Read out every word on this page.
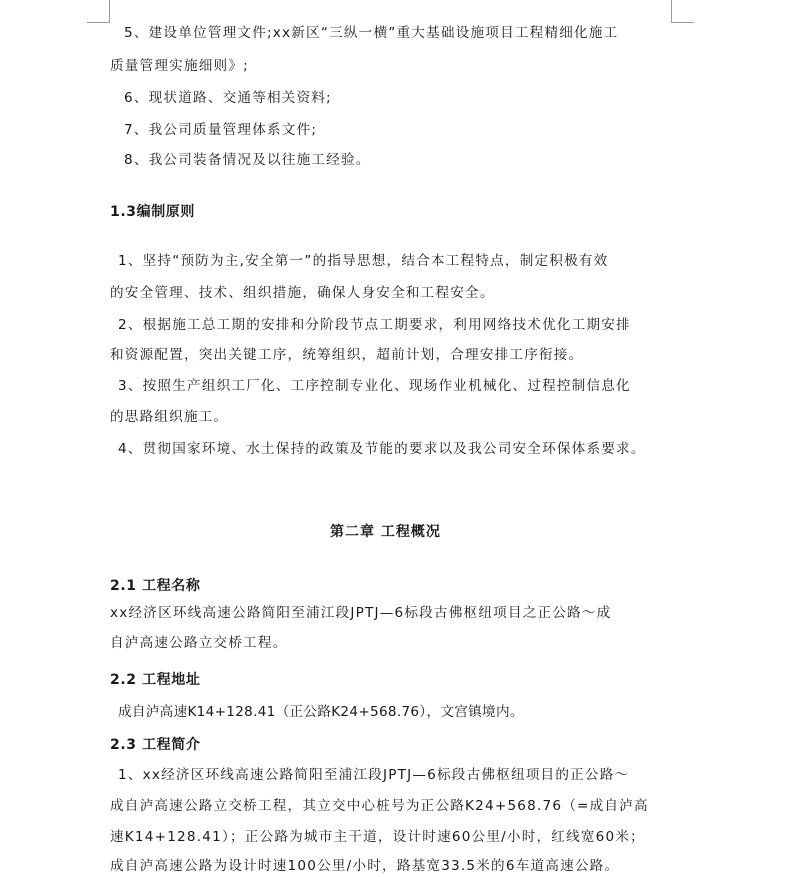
5、建设单位管理文件;xx新区“三纵一横”重大基础设施项目工程精细化施工
质量管理实施细则》;
6、现状道路、交通等相关资料;
7、我公司质量管理体系文件;
8、我公司装备情况及以往施工经验。
1.3编制原则
1、坚持“预防为主,安全第一”的指导思想，结合本工程特点，制定积极有效
的安全管理、技术、组织措施，确保人身安全和工程安全。
2、根据施工总工期的安排和分阶段节点工期要求，利用网络技术优化工期安排
和资源配置，突出关键工序，统筹组织，超前计划，合理安排工序衔接。
3、按照生产组织工厂化、工序控制专业化、现场作业机械化、过程控制信息化
的思路组织施工。
4、贯彻国家环境、水土保持的政策及节能的要求以及我公司安全环保体系要求。
第二章 工程概况
2.1 工程名称
xx经济区环线高速公路简阳至浦江段JPTJ—6标段古佛枢纽项目之正公路～成
自泸高速公路立交桥工程。
2.2 工程地址
成自泸高速K14+128.41（正公路K24+568.76），文宫镇境内。
2.3 工程简介
1、xx经济区环线高速公路简阳至浦江段JPTJ—6标段古佛枢纽项目的正公路～
成自泸高速公路立交桥工程，其立交中心桩号为正公路K24+568.76（=成自泸高
速K14+128.41）；正公路为城市主干道，设计时速60公里/小时，红线宽60米；
成自泸高速公路为设计时速100公里/小时，路基宽33.5米的6车道高速公路。
